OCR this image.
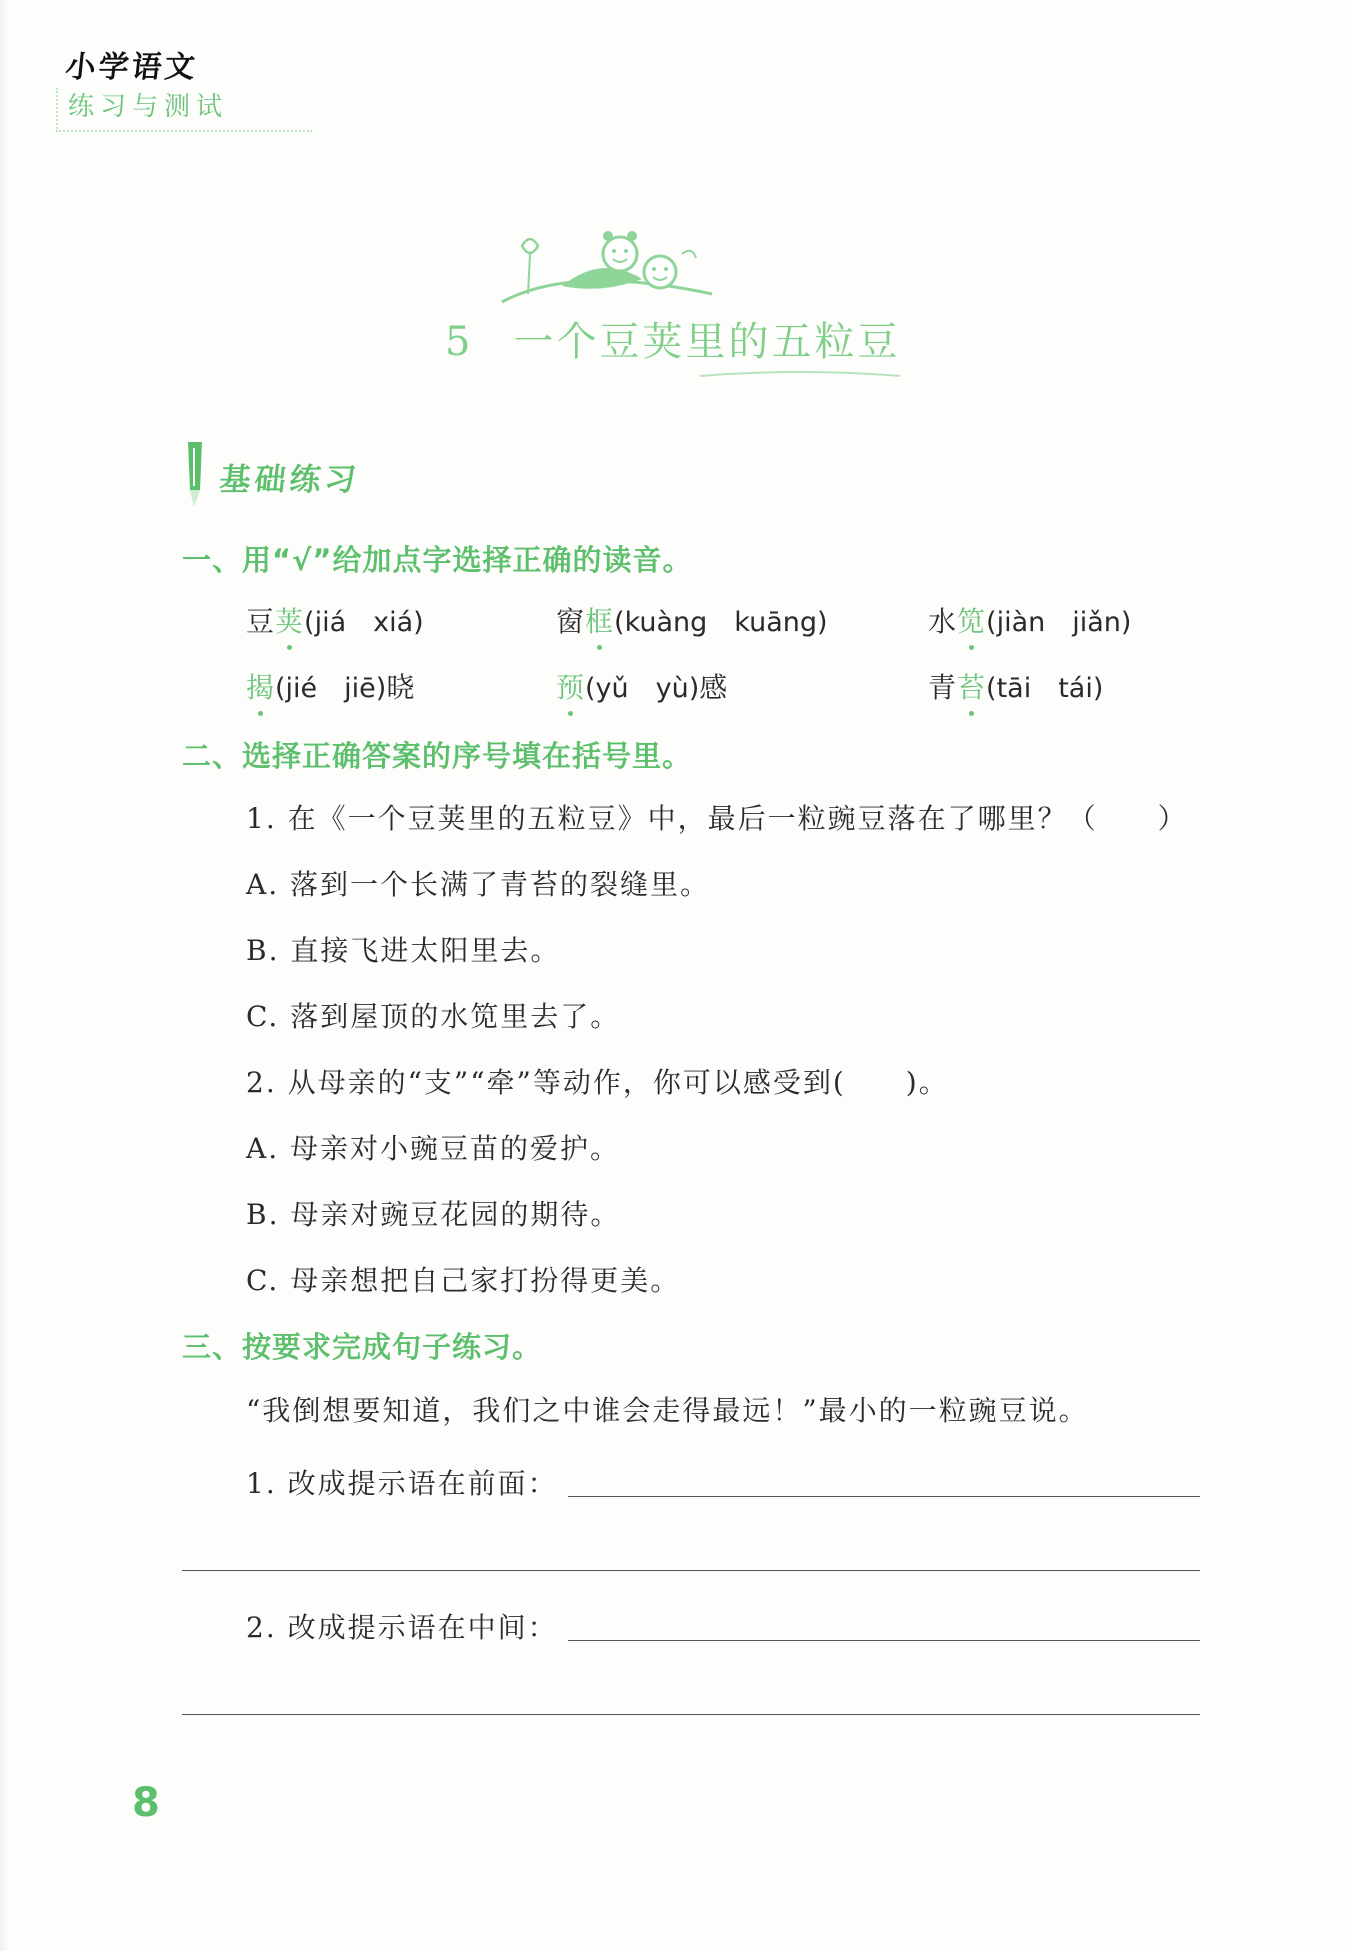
小学语文
练习与测试
5 一个豆荚里的五粒豆
基础练习
一、用“√”给加点字选择正确的读音。
豆荚(jiá　xiá)	窗框(kuàng　kuāng)	水笕(jiàn　jiǎn)
揭(jié　jiē)晓	预(yǔ　yù)感	青苔(tāi　tái)
二、选择正确答案的序号填在括号里。
1. 在《一个豆荚里的五粒豆》中，最后一粒豌豆落在了哪里？（　　）
A. 落到一个长满了青苔的裂缝里。
B. 直接飞进太阳里去。
C. 落到屋顶的水笕里去了。
2. 从母亲的“支”“牵”等动作，你可以感受到(　　)。
A. 母亲对小豌豆苗的爱护。
B. 母亲对豌豆花园的期待。
C. 母亲想把自己家打扮得更美。
三、按要求完成句子练习。
“我倒想要知道，我们之中谁会走得最远！”最小的一粒豌豆说。
1. 改成提示语在前面：
2. 改成提示语在中间：
8
